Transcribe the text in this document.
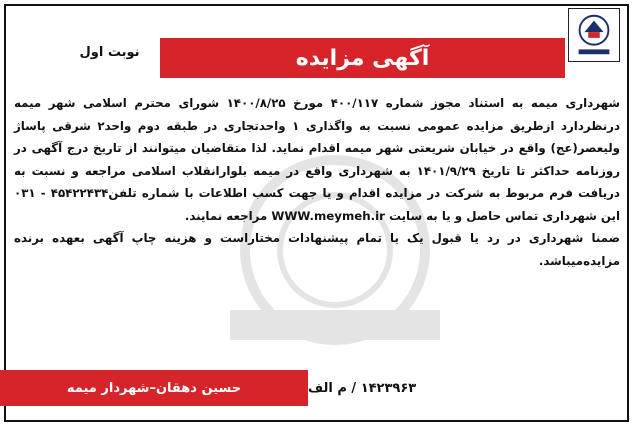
آگهی مزایده
نوبت اول

شهرداری میمه به استناد مجوز شماره ۴۰۰/۱۱۷ مورخ ۱۴۰۰/۸/۲۵ شورای محترم اسلامی شهر میمه درنظردارد ازطریق مزایده عمومی نسبت به واگذاری ۱ واحدتجاری در طبقه دوم واحد۲ شرقی پاساژ ولیعصر(عج) واقع در خیابان شریعتی شهر میمه اقدام نماید. لذا متقاضیان میتوانند از تاریخ درج آگهی در روزنامه حداکثر تا تاریخ ۱۴۰۱/۹/۲۹ به شهرداری واقع در میمه بلوارانقلاب اسلامی مراجعه و نسبت به دریافت فرم مربوط به شرکت در مزایده اقدام و یا جهت کسب اطلاعات با شماره تلفن۴۵۴۲۲۴۳۴ - ۰۳۱ این شهرداری تماس حاصل و یا به سایت WWW.meymeh.ir مراجعه نمایند.

ضمنا شهرداری در رد یا قبول یک یا تمام پیشنهادات مختاراست و هزینه چاپ آگهی بعهده برنده مزایده‌میباشد.

حسین دهقان–شهردار میمه	۱۴۲۳۹۶۳ / م الف
